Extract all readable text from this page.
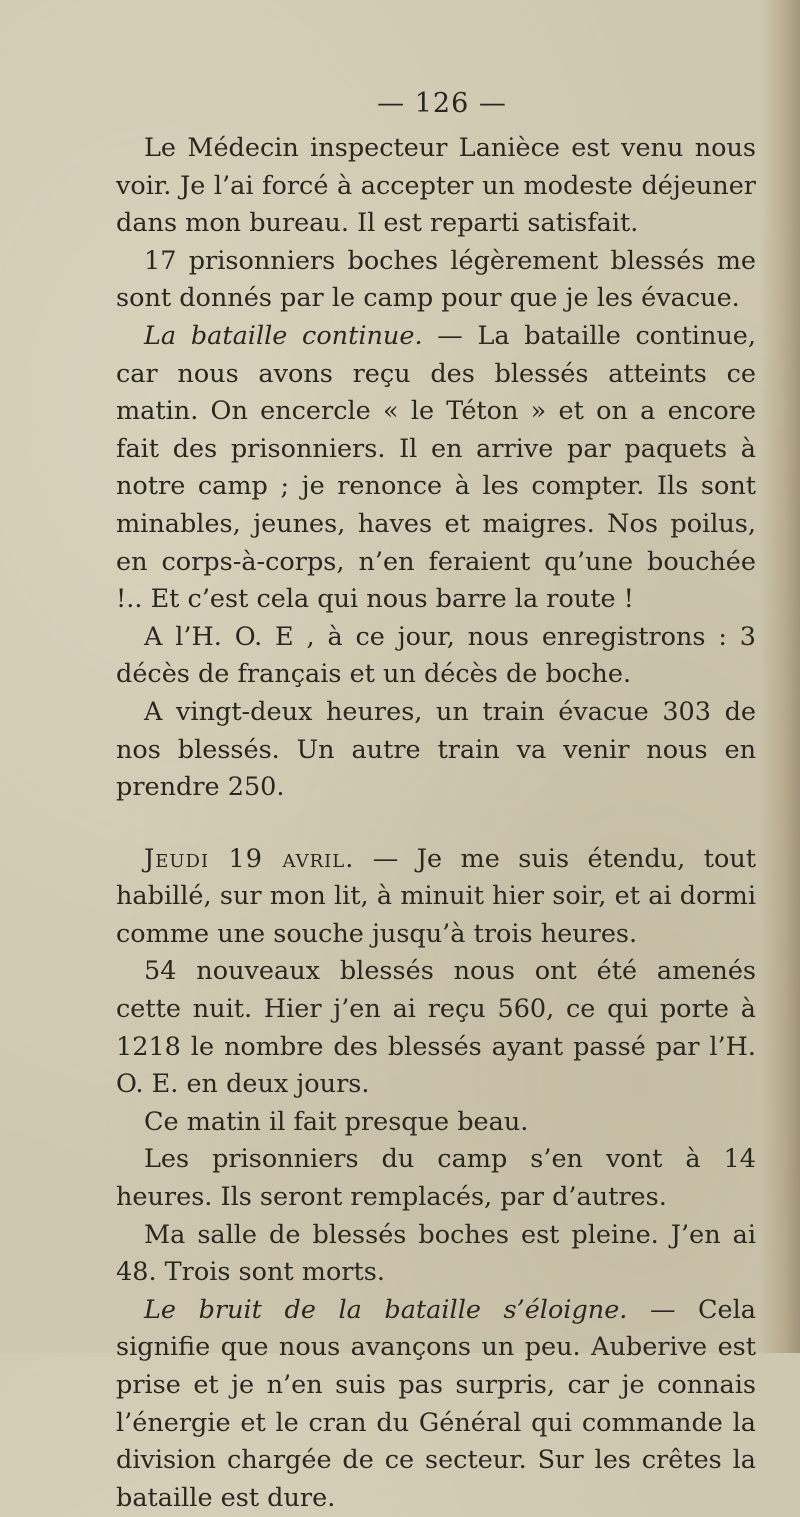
— 126 —

Le Médecin inspecteur Lanièce est venu nous voir. Je l’ai forcé à accepter un modeste déjeuner dans mon bureau. Il est reparti satisfait.

17 prisonniers boches légèrement blessés me sont donnés par le camp pour que je les évacue.

La bataille continue. — La bataille continue, car nous avons reçu des blessés atteints ce matin. On encercle « le Téton » et on a encore fait des prisonniers. Il en arrive par paquets à notre camp ; je renonce à les compter. Ils sont minables, jeunes, haves et maigres. Nos poilus, en corps-à-corps, n’en feraient qu’une bouchée !.. Et c’est cela qui nous barre la route !

A l’H. O. E , à ce jour, nous enregistrons : 3 décès de français et un décès de boche.

A vingt-deux heures, un train évacue 303 de nos blessés. Un autre train va venir nous en prendre 250.

Jeudi 19 avril. — Je me suis étendu, tout habillé, sur mon lit, à minuit hier soir, et ai dormi comme une souche jusqu’à trois heures.

54 nouveaux blessés nous ont été amenés cette nuit. Hier j’en ai reçu 560, ce qui porte à 1218 le nombre des blessés ayant passé par l’H. O. E. en deux jours.

Ce matin il fait presque beau.

Les prisonniers du camp s’en vont à 14 heures. Ils seront remplacés, par d’autres.

Ma salle de blessés boches est pleine. J’en ai 48. Trois sont morts.

Le bruit de la bataille s’éloigne. — Cela signifie que nous avançons un peu. Auberive est prise et je n’en suis pas surpris, car je connais l’énergie et le cran du Général qui commande la division chargée de ce secteur. Sur les crêtes la bataille est dure.
